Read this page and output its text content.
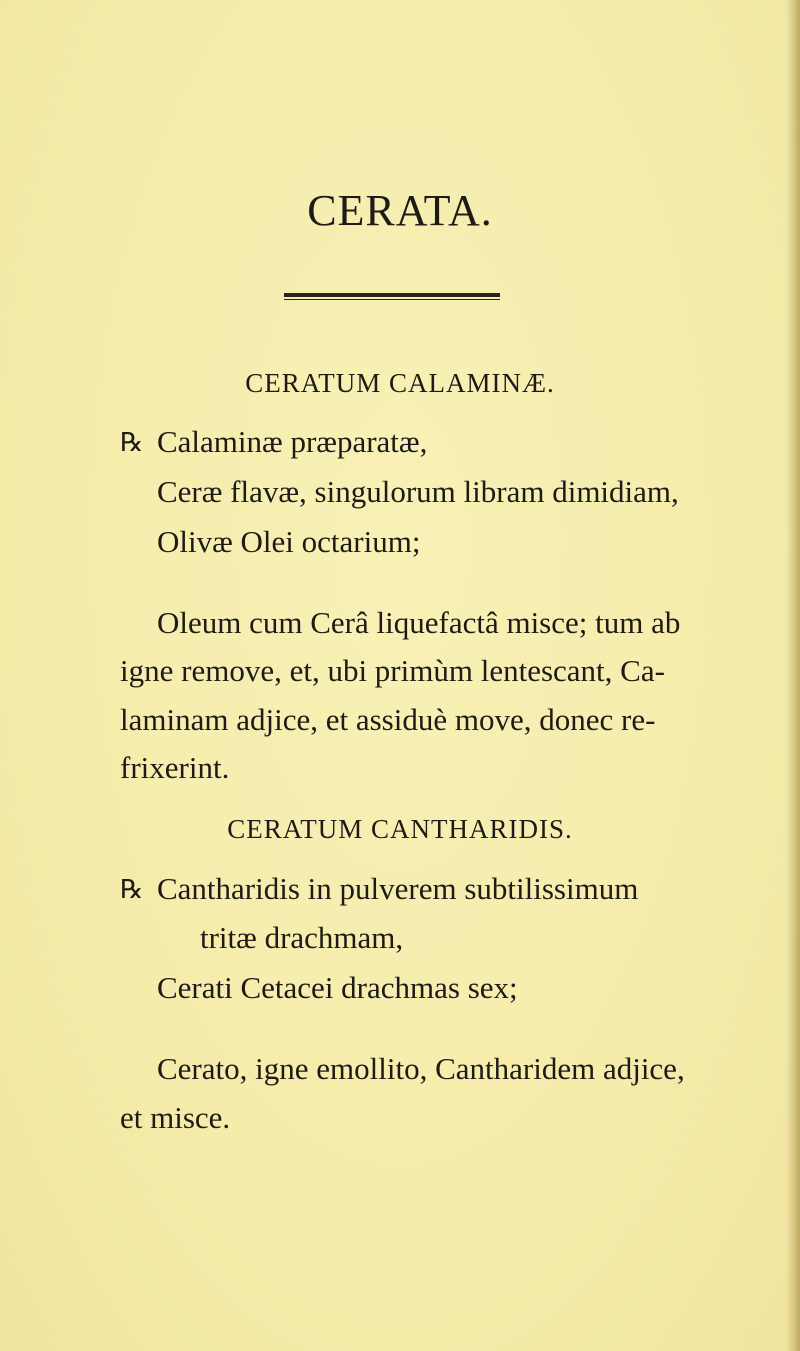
CERATA.
CERATUM CALAMINÆ.
℞ Calaminæ præparatæ,
Ceræ flavæ, singulorum libram dimidiam,
Olivæ Olei octarium;
Oleum cum Cerâ liquefactâ misce; tum ab
igne remove, et, ubi primùm lentescant, Ca-
laminam adjice, et assiduè move, donec re-
frixerint.
CERATUM CANTHARIDIS.
℞ Cantharidis in pulverem subtilissimum
tritæ drachmam,
Cerati Cetacei drachmas sex;
Cerato, igne emollito, Cantharidem adjice,
et misce.
